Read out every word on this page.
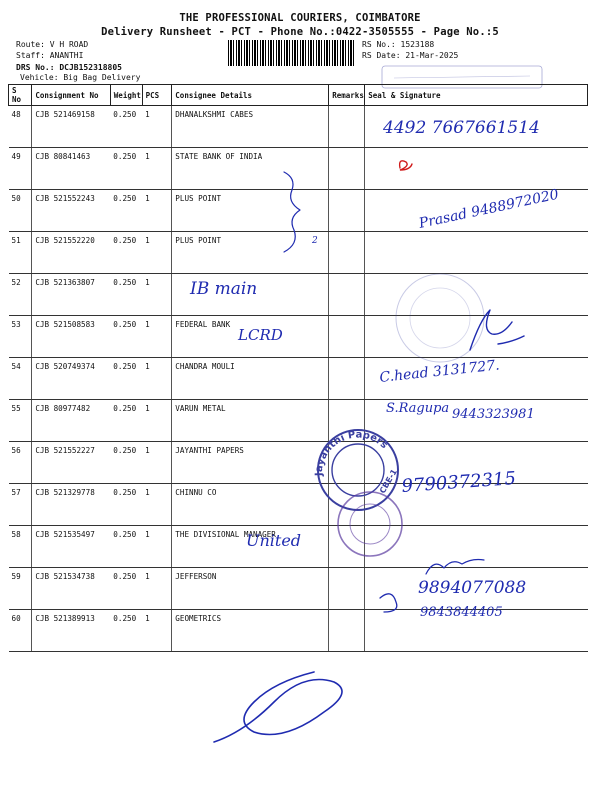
THE PROFESSIONAL COURIERS, COIMBATORE
Delivery Runsheet - PCT - Phone No.:0422-3505555 - Page No.:5
Route: V H ROAD
Staff: ANANTHI
DRS No.: DCJB152318805
Vehicle: Big Bag Delivery
RS No.: 1523188
RS Date: 21-Mar-2025
S No	Consignment No	Weight	PCS	Consignee Details	Remarks	Seal & Signature
48	CJB 521469158	0.250	1	DHANALKSHMI CABES		
49	CJB 80841463	0.250	1	STATE BANK OF INDIA		
50	CJB 521552243	0.250	1	PLUS POINT		
51	CJB 521552220	0.250	1	PLUS POINT		
52	CJB 521363807	0.250	1			
53	CJB 521508583	0.250	1	FEDERAL BANK		
54	CJB 520749374	0.250	1	CHANDRA MOULI		
55	CJB 80977482	0.250	1	VARUN METAL		
56	CJB 521552227	0.250	1	JAYANTHI PAPERS		
57	CJB 521329778	0.250	1	CHINNU CO		
58	CJB 521535497	0.250	1	THE DIVISIONAL MANAGER		
59	CJB 521534738	0.250	1	JEFFERSON		
60	CJB 521389913	0.250	1	GEOMETRICS		
4492 7667661514
2
Prasad 9488972020
IB main
LCRD
C.head 3131727.
S.Ragupa 9443323981
Jayanthi Papers
CBE-1 9790372315
United
9894077088
9843844405
